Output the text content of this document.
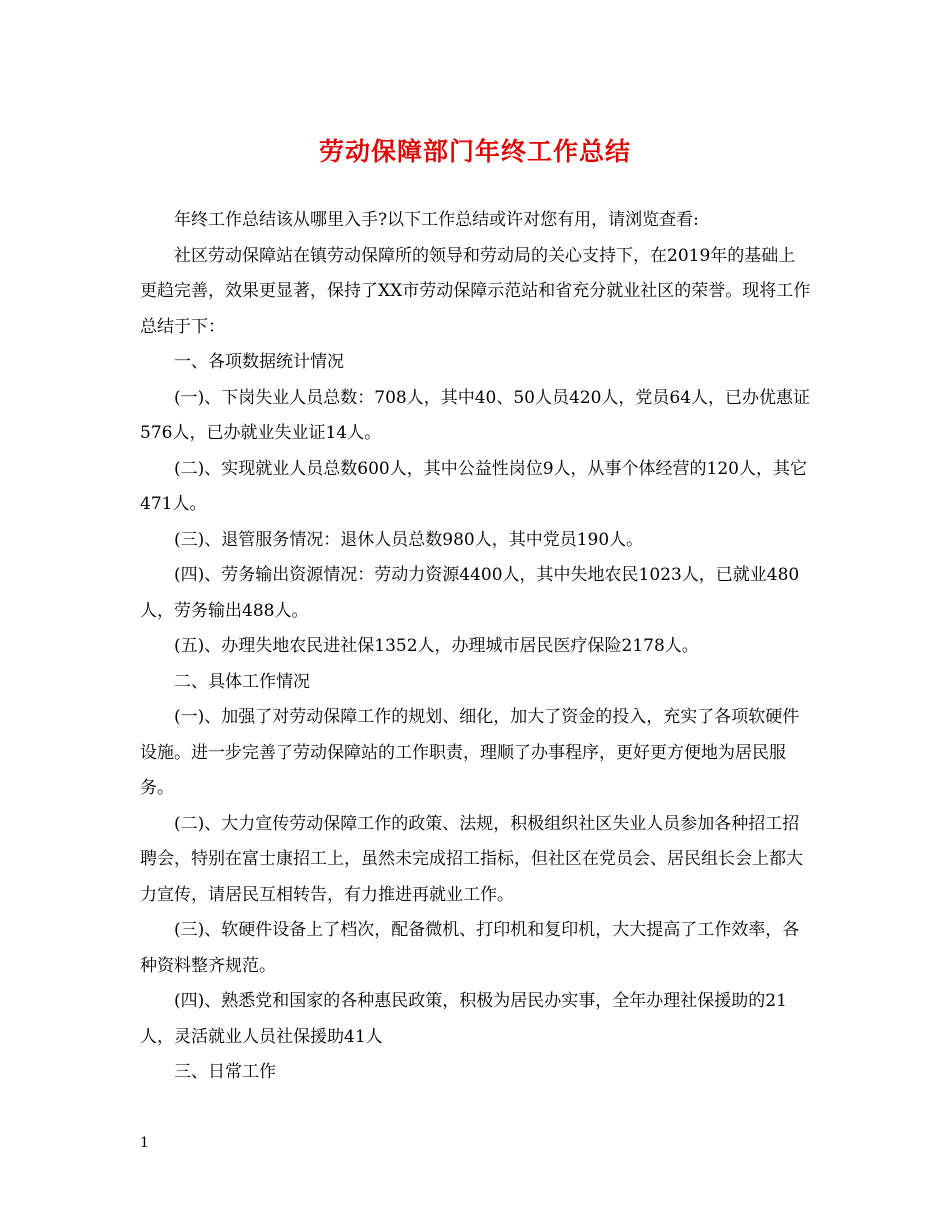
劳动保障部门年终工作总结

年终工作总结该从哪里入手?以下工作总结或许对您有用，请浏览查看:

社区劳动保障站在镇劳动保障所的领导和劳动局的关心支持下，在2019年的基础上更趋完善，效果更显著，保持了XX市劳动保障示范站和省充分就业社区的荣誉。现将工作总结于下：

一、各项数据统计情况

(一)、下岗失业人员总数：708人，其中40、50人员420人，党员64人，已办优惠证576人，已办就业失业证14人。

(二)、实现就业人员总数600人，其中公益性岗位9人，从事个体经营的120人，其它471人。

(三)、退管服务情况：退休人员总数980人，其中党员190人。

(四)、劳务输出资源情况：劳动力资源4400人，其中失地农民1023人，已就业480人，劳务输出488人。

(五)、办理失地农民进社保1352人，办理城市居民医疗保险2178人。

二、具体工作情况

(一)、加强了对劳动保障工作的规划、细化，加大了资金的投入，充实了各项软硬件设施。进一步完善了劳动保障站的工作职责，理顺了办事程序，更好更方便地为居民服务。

(二)、大力宣传劳动保障工作的政策、法规，积极组织社区失业人员参加各种招工招聘会，特别在富士康招工上，虽然未完成招工指标，但社区在党员会、居民组长会上都大力宣传，请居民互相转告，有力推进再就业工作。

(三)、软硬件设备上了档次，配备微机、打印机和复印机，大大提高了工作效率，各种资料整齐规范。

(四)、熟悉党和国家的各种惠民政策，积极为居民办实事，全年办理社保援助的21人，灵活就业人员社保援助41人

三、日常工作

1
